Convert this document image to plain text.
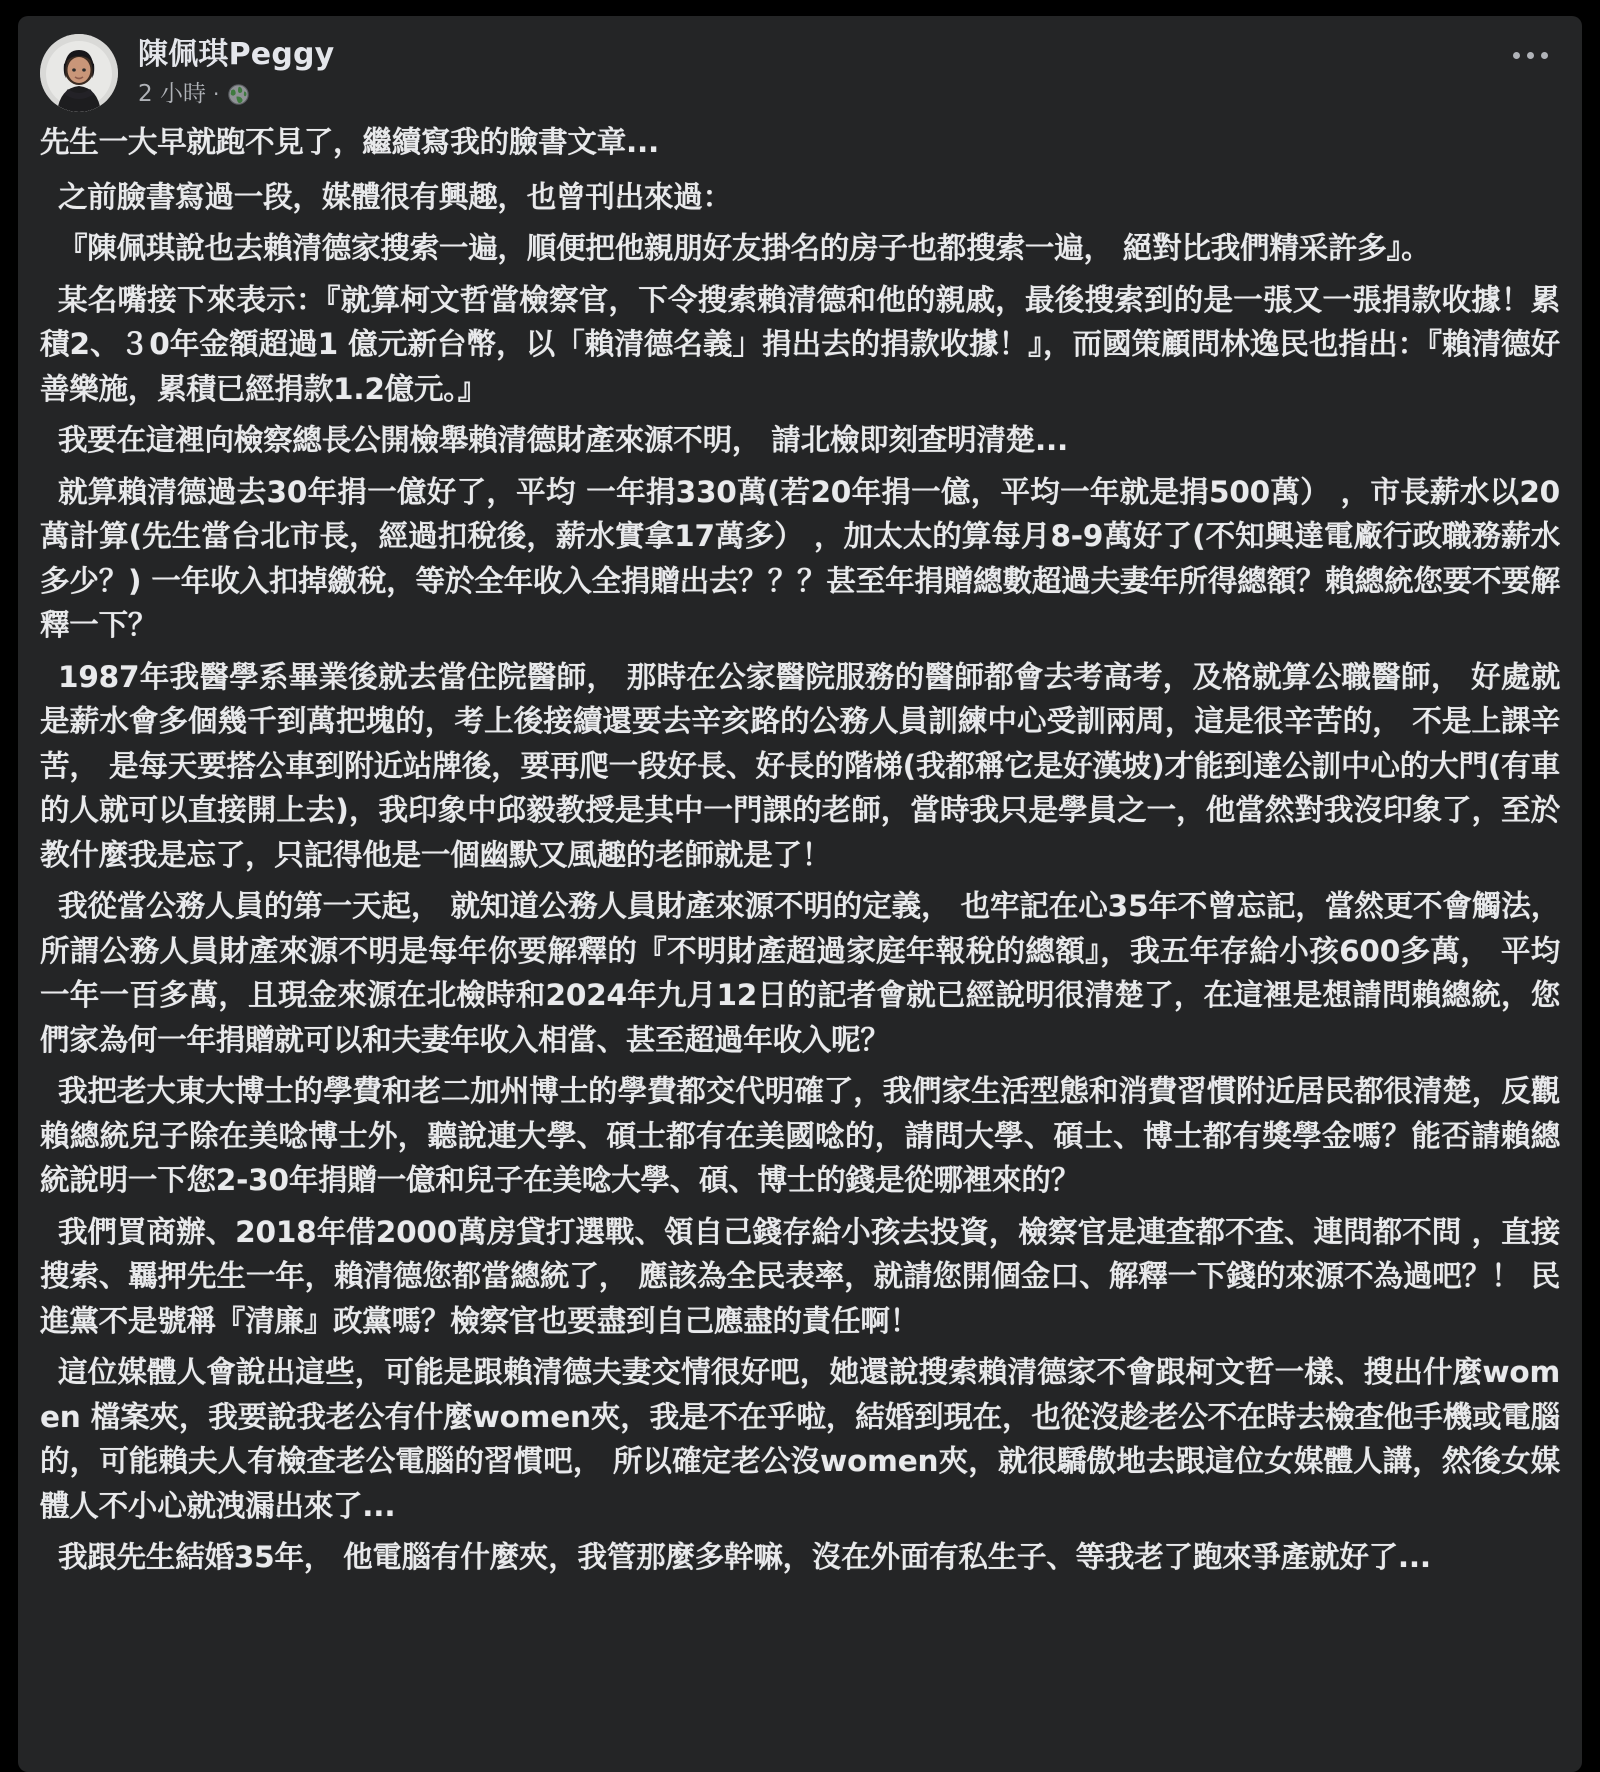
陳佩琪Peggy
2 小時 ·

先生一大早就跑不見了，繼續寫我的臉書文章...

之前臉書寫過一段，媒體很有興趣，也曾刊出來過：

『陳佩琪說也去賴清德家搜索一遍，順便把他親朋好友掛名的房子也都搜索一遍， 絕對比我們精采許多』。

某名嘴接下來表示：『就算柯文哲當檢察官，下令搜索賴清德和他的親戚，最後搜索到的是一張又一張捐款收據！累積2、３0年金額超過1 億元新台幣，以「賴清德名義」捐出去的捐款收據！』，而國策顧問林逸民也指出：『賴清德好善樂施，累積已經捐款1.2億元。』

我要在這裡向檢察總長公開檢舉賴清德財產來源不明， 請北檢即刻查明清楚...

就算賴清德過去30年捐一億好了，平均 一年捐330萬(若20年捐一億，平均一年就是捐500萬） ，市長薪水以20萬計算(先生當台北市長，經過扣稅後，薪水實拿17萬多） ，加太太的算每月8-9萬好了(不知興達電廠行政職務薪水多少？) 一年收入扣掉繳稅，等於全年收入全捐贈出去？？？甚至年捐贈總數超過夫妻年所得總額？賴總統您要不要解釋一下？

1987年我醫學系畢業後就去當住院醫師， 那時在公家醫院服務的醫師都會去考高考，及格就算公職醫師， 好處就是薪水會多個幾千到萬把塊的，考上後接續還要去辛亥路的公務人員訓練中心受訓兩周，這是很辛苦的， 不是上課辛苦， 是每天要搭公車到附近站牌後，要再爬一段好長、好長的階梯(我都稱它是好漢坡)才能到達公訓中心的大門(有車的人就可以直接開上去)，我印象中邱毅教授是其中一門課的老師，當時我只是學員之一，他當然對我沒印象了，至於教什麼我是忘了，只記得他是一個幽默又風趣的老師就是了！

我從當公務人員的第一天起， 就知道公務人員財產來源不明的定義， 也牢記在心35年不曾忘記，當然更不會觸法，所謂公務人員財產來源不明是每年你要解釋的『不明財產超過家庭年報稅的總額』，我五年存給小孩600多萬， 平均一年一百多萬，且現金來源在北檢時和2024年九月12日的記者會就已經說明很清楚了，在這裡是想請問賴總統，您們家為何一年捐贈就可以和夫妻年收入相當、甚至超過年收入呢？

我把老大東大博士的學費和老二加州博士的學費都交代明確了，我們家生活型態和消費習慣附近居民都很清楚，反觀賴總統兒子除在美唸博士外，聽說連大學、碩士都有在美國唸的，請問大學、碩士、博士都有獎學金嗎？能否請賴總統說明一下您2-30年捐贈一億和兒子在美唸大學、碩、博士的錢是從哪裡來的？

我們買商辦、2018年借2000萬房貸打選戰、領自己錢存給小孩去投資，檢察官是連查都不查、連問都不問 ，直接搜索、羈押先生一年，賴清德您都當總統了， 應該為全民表率，就請您開個金口、解釋一下錢的來源不為過吧？！ 民進黨不是號稱『清廉』政黨嗎？檢察官也要盡到自己應盡的責任啊！

這位媒體人會說出這些，可能是跟賴清德夫妻交情很好吧，她還說搜索賴清德家不會跟柯文哲一樣、搜出什麼women 檔案夾，我要說我老公有什麼women夾，我是不在乎啦，結婚到現在，也從沒趁老公不在時去檢查他手機或電腦的，可能賴夫人有檢查老公電腦的習慣吧， 所以確定老公沒women夾，就很驕傲地去跟這位女媒體人講，然後女媒體人不小心就洩漏出來了...

我跟先生結婚35年， 他電腦有什麼夾，我管那麼多幹嘛，沒在外面有私生子、等我老了跑來爭產就好了...
